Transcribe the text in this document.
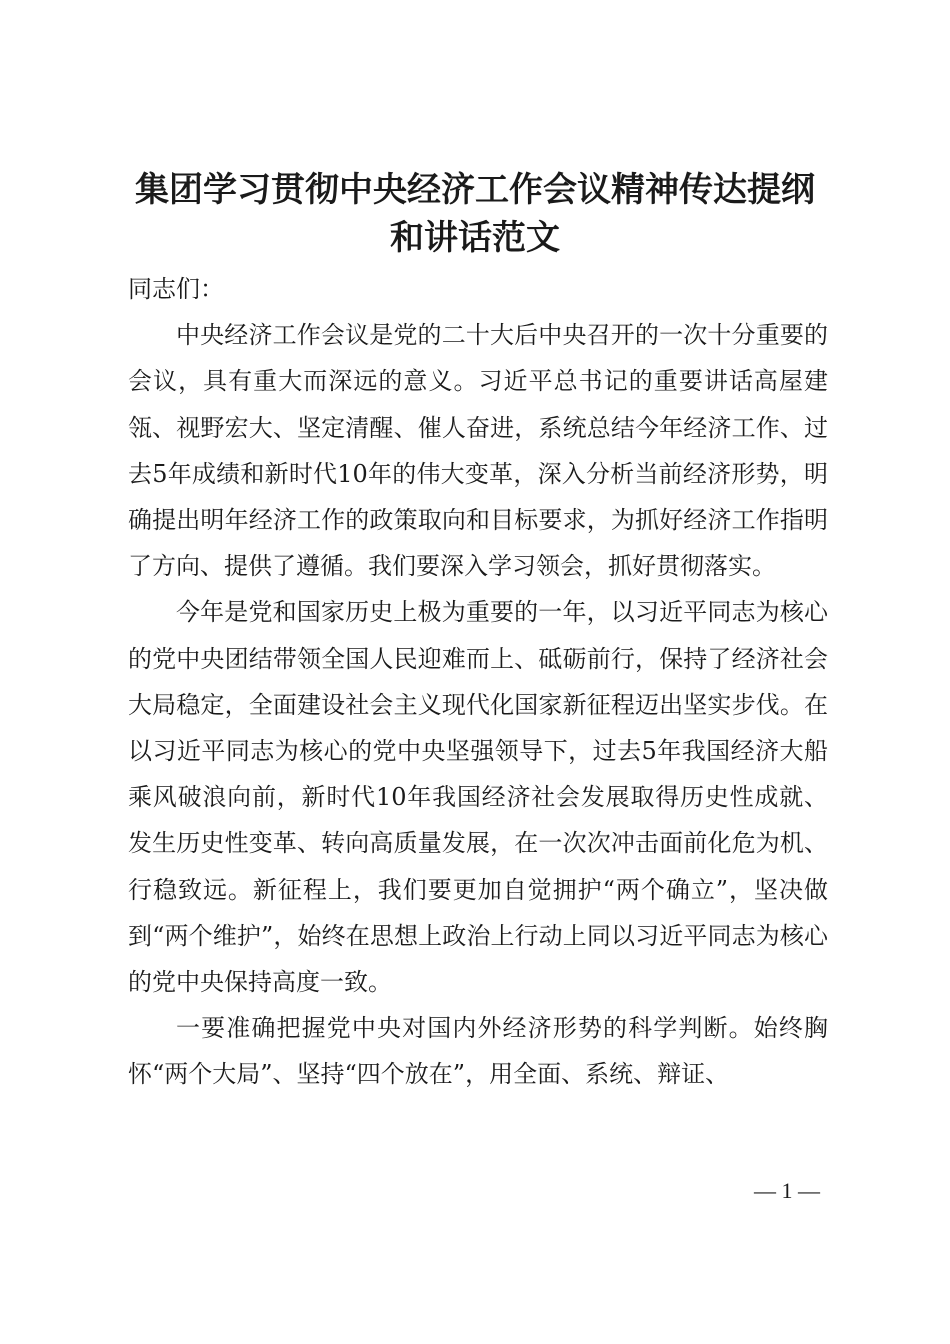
集团学习贯彻中央经济工作会议精神传达提纲
和讲话范文

同志们：

中央经济工作会议是党的二十大后中央召开的一次十分重要的会议，具有重大而深远的意义。习近平总书记的重要讲话高屋建瓴、视野宏大、坚定清醒、催人奋进，系统总结今年经济工作、过去5年成绩和新时代10年的伟大变革，深入分析当前经济形势，明确提出明年经济工作的政策取向和目标要求，为抓好经济工作指明了方向、提供了遵循。我们要深入学习领会，抓好贯彻落实。

今年是党和国家历史上极为重要的一年，以习近平同志为核心的党中央团结带领全国人民迎难而上、砥砺前行，保持了经济社会大局稳定，全面建设社会主义现代化国家新征程迈出坚实步伐。在以习近平同志为核心的党中央坚强领导下，过去5年我国经济大船乘风破浪向前，新时代10年我国经济社会发展取得历史性成就、发生历史性变革、转向高质量发展，在一次次冲击面前化危为机、行稳致远。新征程上，我们要更加自觉拥护“两个确立”，坚决做到“两个维护”，始终在思想上政治上行动上同以习近平同志为核心的党中央保持高度一致。

一要准确把握党中央对国内外经济形势的科学判断。始终胸怀“两个大局”、坚持“四个放在”，用全面、系统、辩证、

— 1 —
